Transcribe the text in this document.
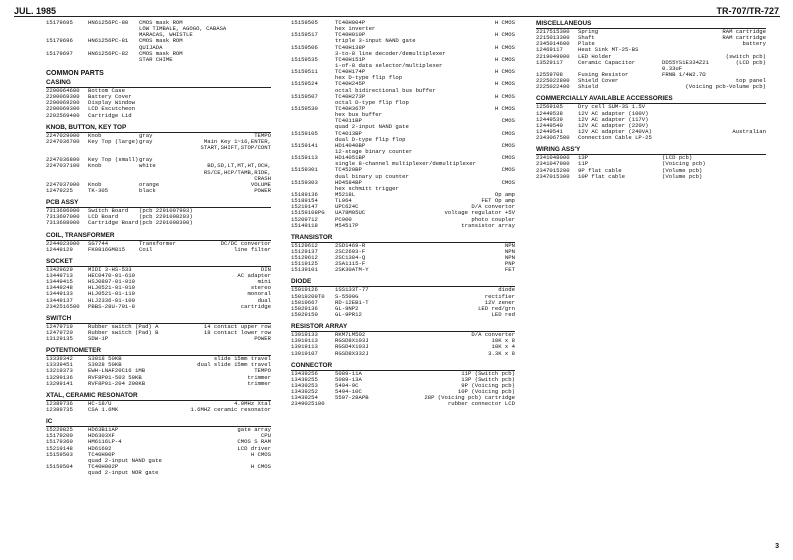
JUL. 1985	TR-707/TR-727
15179695	HN61256PC-80 CMOS mask ROM
LOW TIMBALE, AGOGO, CABASA
MARACAS, WHISTLE
15179696	HN61256PC-81 CMOS mask ROM
QUIJADA
15179697	HN61256PC-82 CMOS mask ROM
STAR CHIME
COMMON PARTS
CASING
2200064600 Bottom Case
2200069300 Battery Cover
2200069200 Display Window
2200069300 LCD Escutcheon
2202569400 Cartridge Lid
KNOB, BUTTON, KEY TOP
2247029000 Knob	gray	TEMPO
2247036700 Key Top (large) gray	Main Key 1~16,ENTER,
START,SHIFT,STOP/CONT
2247036800 Key Top (small) gray
2247037100 Knob	white	BD,SD,LT,MT,HT,OCH,
RS/CE,HCP/TAMB,RIDE,
CRASH
2247037000 Knob	orange	VOLUME
12479225	TK-305	black	POWER
PCB ASSY
7313606000 Switch Board (pcb 2291097903)
7313607000 LCD Board	(pcb 2291098203)
7313608000 Cartridge Board (pcb 2291098300)
COIL, TRANSFORMER
2244023000 SG7744	Transformer	DC/DC convertor
12449129	FK0816GM815	Coil	line filter
SOCKET
13429629	MIDI 3-HS-533	DIN
13449713	HEC0470-01-610	AC adapter
13449415	HSJ0807-01-010	mini
13449248	HLJ0521-01-010	stereo
13449133	HLJ0521-01-110	monoral
13449137	HLJ2336-01-100	dual
2342516500 PBBS-28U-701-8	cartridge
SWITCH
12479719	Rubber switch (Pad) A	14 contact upper row
12479720	Rubber switch (Pad) B	18 contact lower row
13129135	SDW-1P	POWER
POTENTIOMETER
13339342	S3018 50KB	slide 15mm travel
13339451	S3028 50KB	dual slide 15mm travel
13219373	EWH-LNAF20C16 1MB	TEMPO
13299136	RVF8P01-503 50KB	trimmer
13299141	RVF8P01-204 200KB	trimmer
XTAL, CERAMIC RESONATOR
12389736	HC-18/U	4.0MHz Xtal
12389735	CSA 1.6MK	1.6MHZ ceramic resonator
IC
15229825	HD63B11AP	gate array
15179200	HD6303XF	CPU
15179360	HM6116LP-4	CMOS S RAM
15219148	HD61602	LCD driver
15159503	TC40H00P	H CMOS
quad 2-input NAND gate
15159504	TC40H002P	H CMOS
quad 2-input NOR gate
15159505	TC40H004P	H CMOS
hex inverter
15159517	TC40H010P	H CMOS
triple 3-input NAND gate
15159506	TC40H138P	H CMOS
3-to-8 line decoder/demultiplexer
15159535	TC40H151P	H CMOS
1-of-8 data selector/multiplexer
15159511	TC40H174P	H CMOS
hex D-type flip flop
15159524	TC40H245P	H CMOS
octal bidirectional bus buffer
15159507	TC40H273P	H CMOS
octal D-type flip flop
15159530	TC40H367P	H CMOS
hex bus buffer
TC4011BP	CMOS
quad 2-input NAND gate
15159105	TC4013BP	CMOS
dual D-type flip flop
15159141	HD14040BP	CMOS
12-stage binary counter
15159113	HD14051BP	CMOS
single 8-channel multiplexer/demultiplexer
15159301	TC4520BP	CMOS
dual binary up counter
15159303	HD4584BP	CMOS
hex schmitt trigger
15189136	M5218L	Op amp
15189154	TL064	FET Op amp
15219147	UPC624C	D/A convertor
15159108PG UA78M05UC	voltage regulator +5V
15209712	PC900	photo coupler
15149118	M54517P	transistor array
TRANSISTOR
15129612	2SD1469-R	NPN
15129137	2SC2603-F	NPN
15129612	2SC1384-Q	NPN
15119125	2SA1115-F	PNP
15139101	2SK30ATM-Y	FET
DIODE
15019126	1SS133T-77	diode
15019209T0 S-5500G	rectifier
15019667	RD-12EB1-T	12V zener
15029136	GL-9NP2	LED red/grn
15029150	GL-9PR12	LED red
RESISTOR ARRAY
13919133	RKM7LM502	D/A converter
13919113	RGSD8X103J	10K x 8
13919113	RGSD4X103J	10K x 4
13919107	RGSD8X332J	3.3K x 8
CONNECTOR
13439256	5089-11A	11P (Switch pcb)
13439255	5089-13A	13P (Switch pcb)
13439253	5494-9C	9P (Voicing pcb)
13439252	5494-10C	10P (Voicing pcb)
13439254	5597-28APB	28P (Voicing pcb) cartridge
2349025100	rubber connector LCD
MISCELLANEOUS
2217515300 Spring	RAM cartridge
2215013300 Shaft	RAM cartridge
2345014600 Plate	battery
12469117	Heat Sink MT-25-BS
2219049900 LED Holder	(switch pcb)
13529117	Ceramic Capacitor	DD55YS1E334Z21	(LCD pcb)
0.33uF
12559708	Fusing Resistor	FRNB 1/4W2.7Ω
2225022800 Shield Cover	top panel
2225022400 Shield	(Voicing pcb-Volume pcb)
COMMERCIALLY AVAILABLE ACCESSORIES
12569105	Dry cell SUM-3S 1.5V
12449538	12V AC adapter (100V)
12449539	12V AC adapter (117V)
12449540	12V AC adapter (220V)
12449541	12V AC adapter (240VA)	Australian
2343067500 Connection Cable LP-25
WIRING ASS'Y
2341048000 13P	(LCD pcb)
2341047900 11P	(Voicing pcb)
2347015200 9P flat cable	(Volume pcb)
2347015300 10P flat cable	(Volume pcb)
3
